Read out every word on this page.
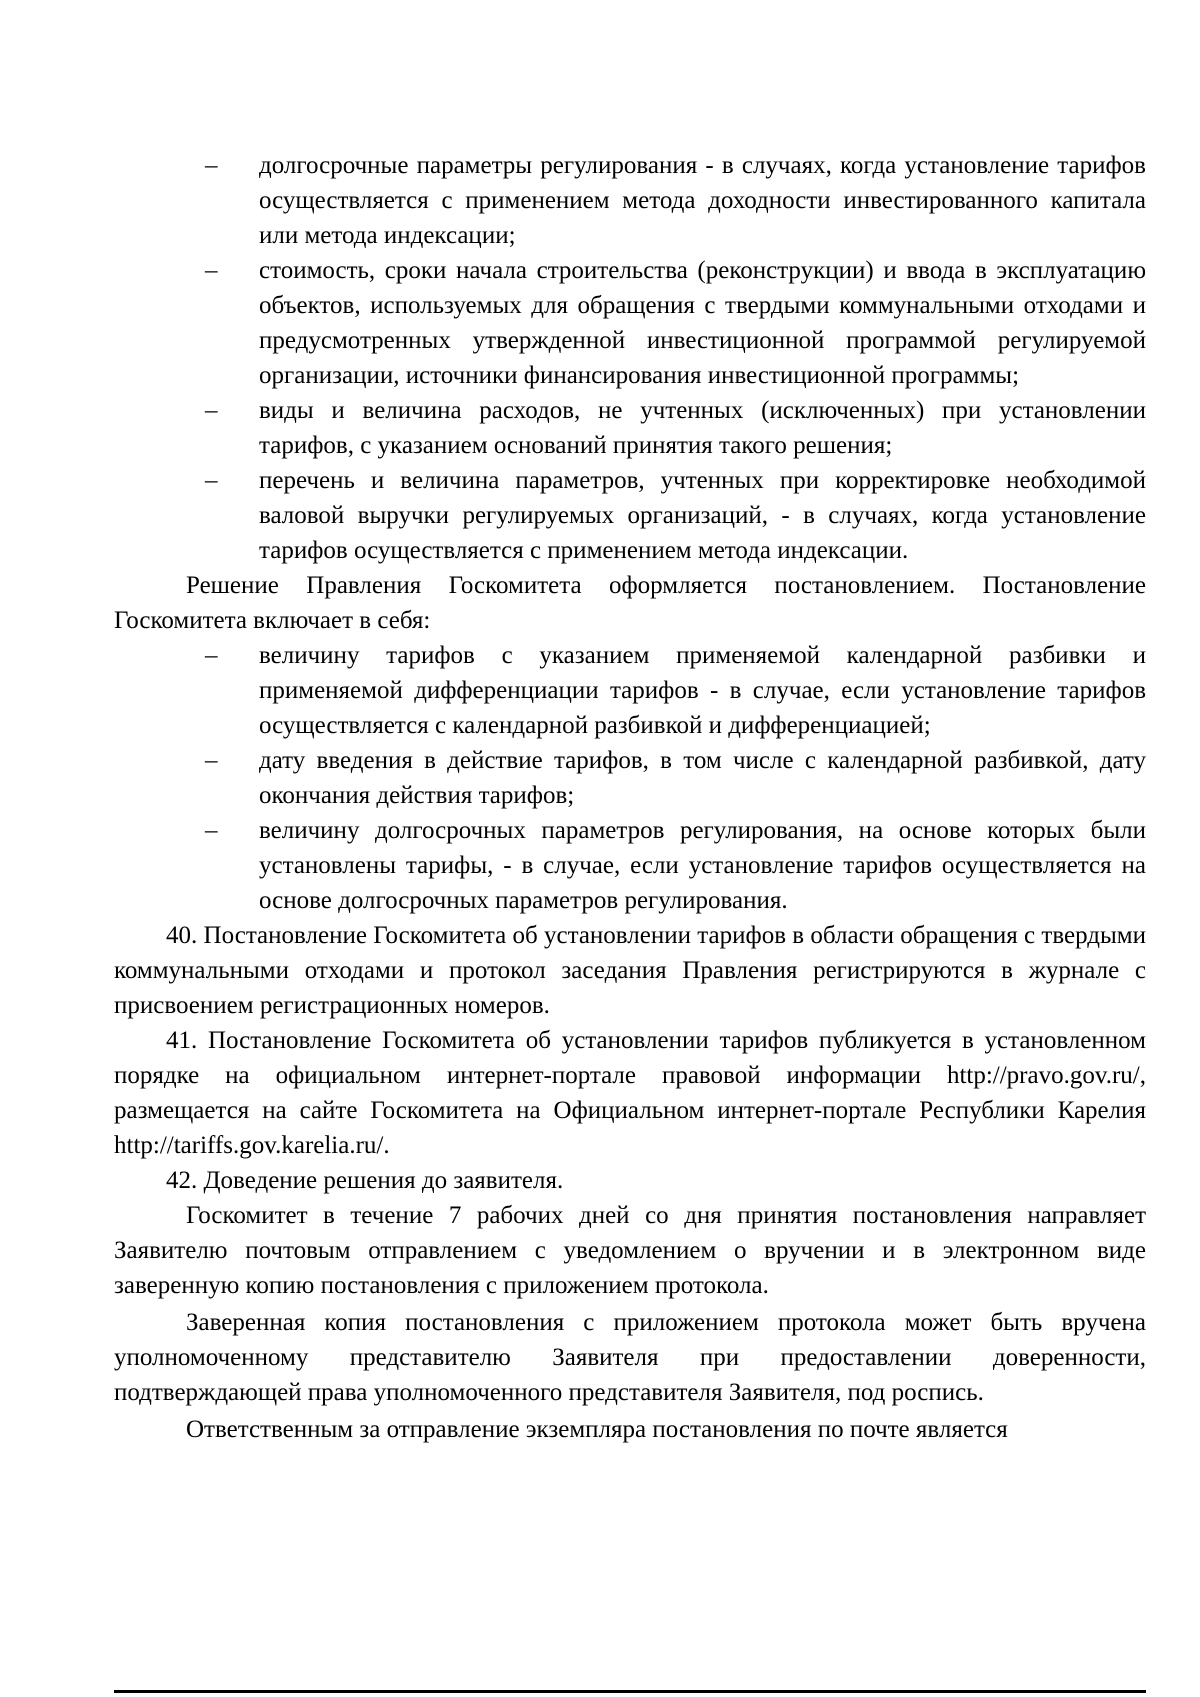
– долгосрочные параметры регулирования - в случаях, когда установление тарифов осуществляется с применением метода доходности инвестированного капитала или метода индексации;
– стоимость, сроки начала строительства (реконструкции) и ввода в эксплуатацию объектов, используемых для обращения с твердыми коммунальными отходами и предусмотренных утвержденной инвестиционной программой регулируемой организации, источники финансирования инвестиционной программы;
– виды и величина расходов, не учтенных (исключенных) при установлении тарифов, с указанием оснований принятия такого решения;
– перечень и величина параметров, учтенных при корректировке необходимой валовой выручки регулируемых организаций, - в случаях, когда установление тарифов осуществляется с применением метода индексации.

Решение Правления Госкомитета оформляется постановлением. Постановление Госкомитета включает в себя:

– величину тарифов с указанием применяемой календарной разбивки и применяемой дифференциации тарифов - в случае, если установление тарифов осуществляется с календарной разбивкой и дифференциацией;
– дату введения в действие тарифов, в том числе с календарной разбивкой, дату окончания действия тарифов;
– величину долгосрочных параметров регулирования, на основе которых были установлены тарифы, - в случае, если установление тарифов осуществляется на основе долгосрочных параметров регулирования.

40. Постановление Госкомитета об установлении тарифов в области обращения с твердыми коммунальными отходами и протокол заседания Правления регистрируются в журнале с присвоением регистрационных номеров.

41. Постановление Госкомитета об установлении тарифов публикуется в установленном порядке на официальном интернет-портале правовой информации http://pravo.gov.ru/, размещается на сайте Госкомитета на Официальном интернет-портале Республики Карелия http://tariffs.gov.karelia.ru/.

42. Доведение решения до заявителя.

Госкомитет в течение 7 рабочих дней со дня принятия постановления направляет Заявителю почтовым отправлением с уведомлением о вручении и в электронном виде заверенную копию постановления с приложением протокола.

Заверенная копия постановления с приложением протокола может быть вручена уполномоченному представителю Заявителя при предоставлении доверенности, подтверждающей права уполномоченного представителя Заявителя, под роспись.

Ответственным за отправление экземпляра постановления по почте является
